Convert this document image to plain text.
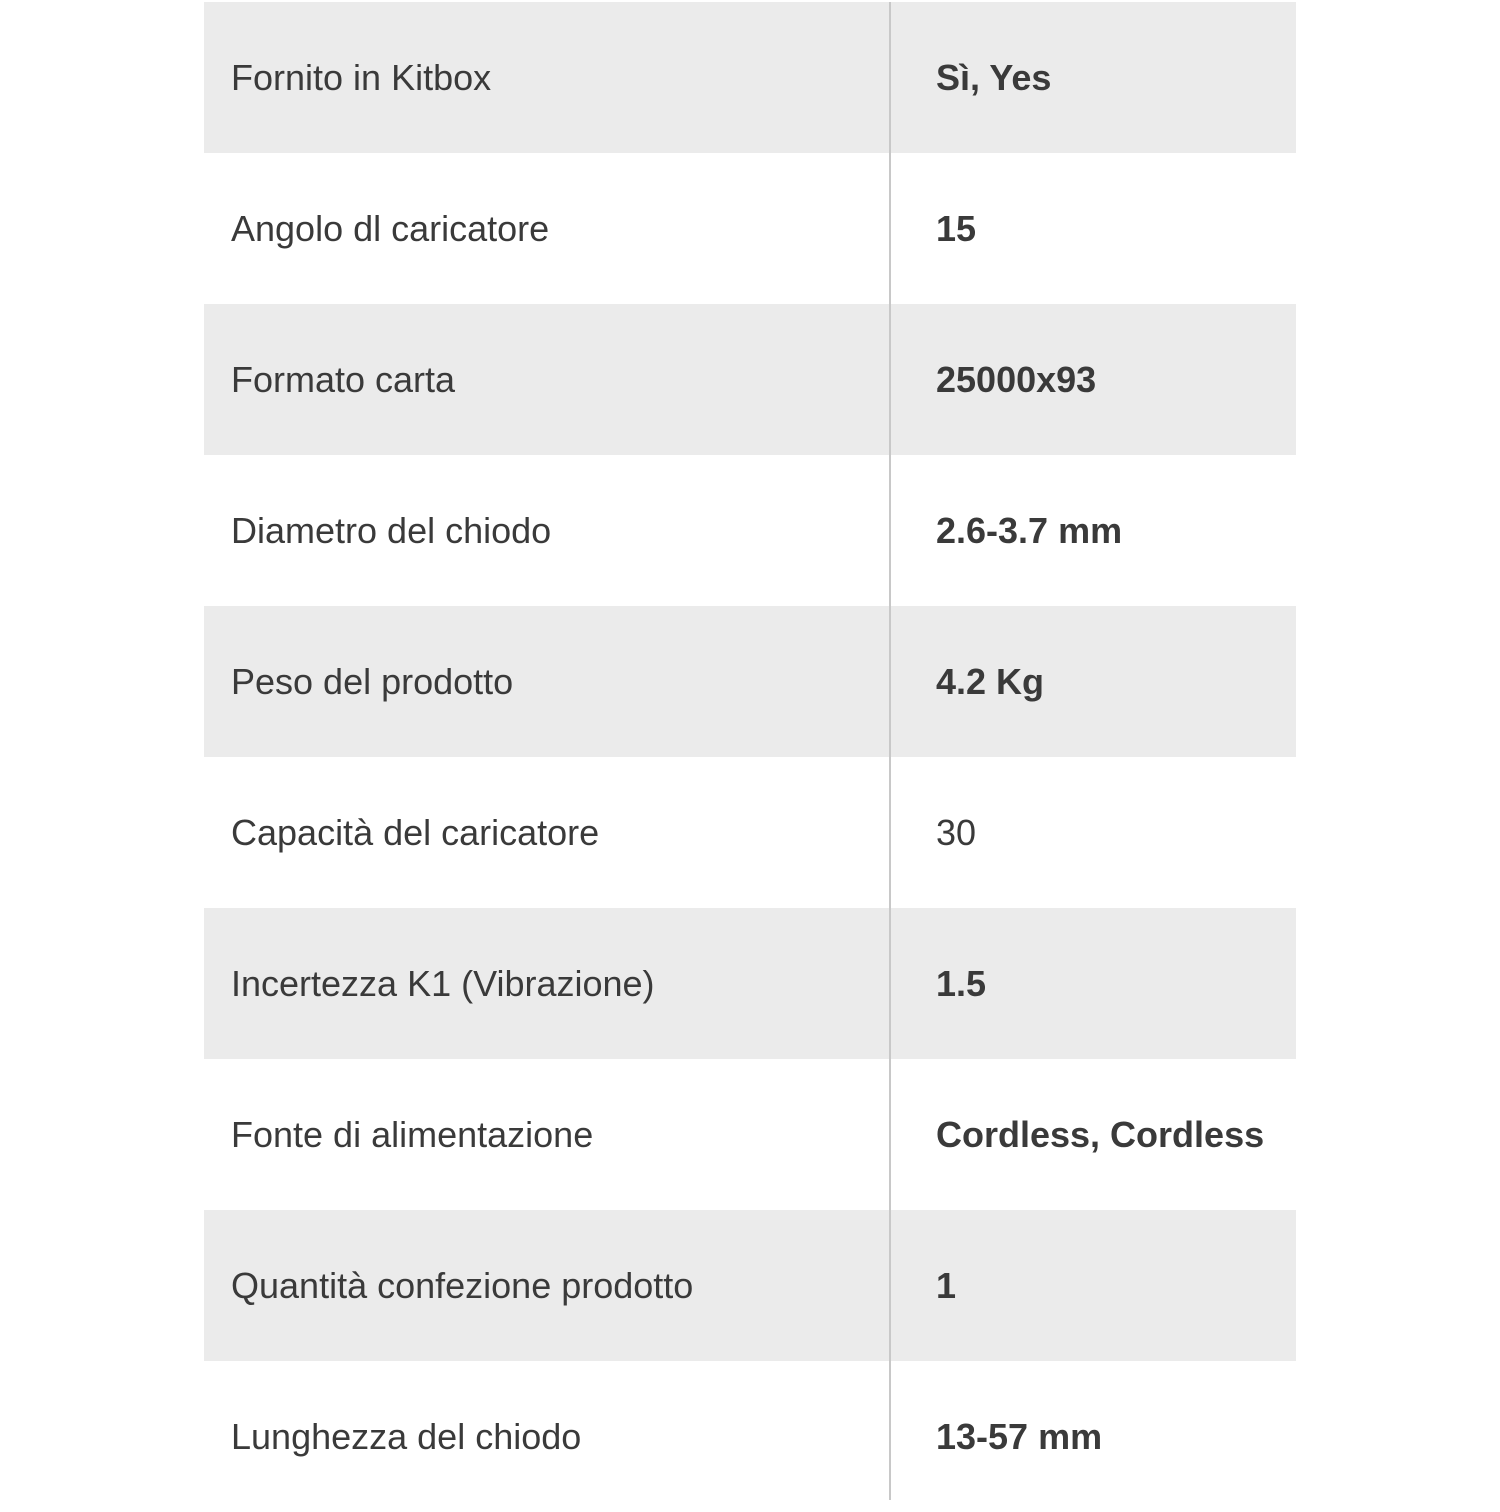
Fornito in Kitbox	Sì, Yes
Angolo dl caricatore	15
Formato carta	25000x93
Diametro del chiodo	2.6-3.7 mm
Peso del prodotto	4.2 Kg
Capacità del caricatore	30
Incertezza K1 (Vibrazione)	1.5
Fonte di alimentazione	Cordless, Cordless
Quantità confezione prodotto	1
Lunghezza del chiodo	13-57 mm
